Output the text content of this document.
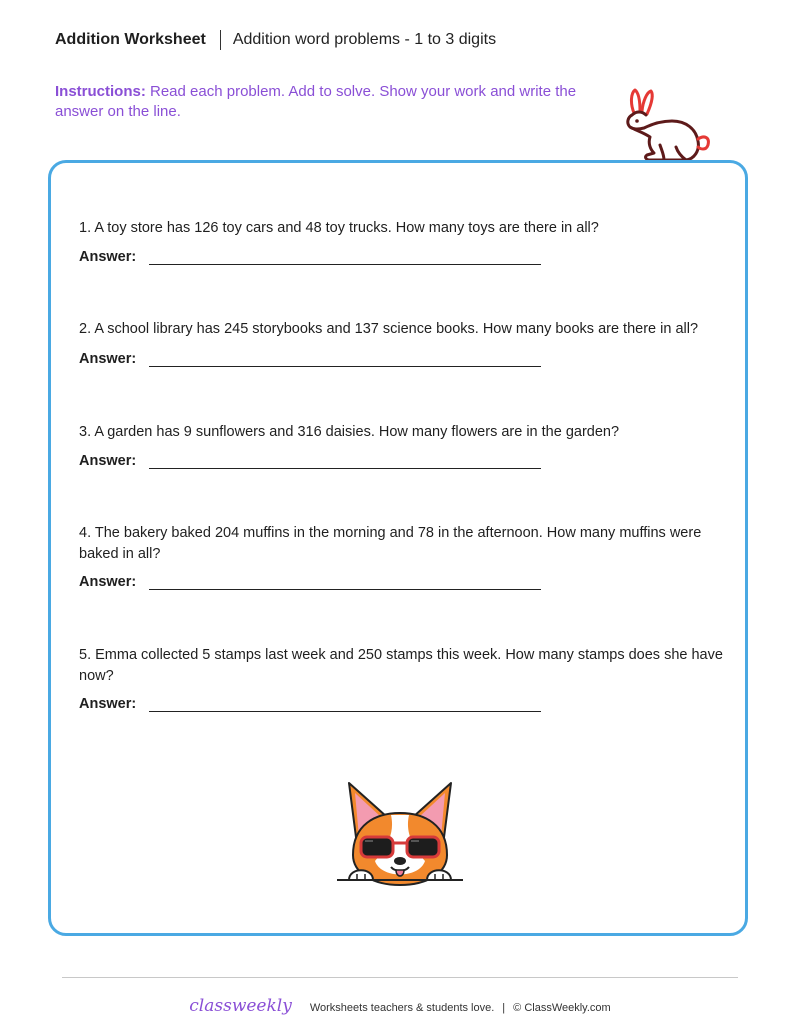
Addition Worksheet Addition word problems - 1 to 3 digits
Instructions: Read each problem. Add to solve. Show your work and write the answer on the line.
1. A toy store has 126 toy cars and 48 toy trucks. How many toys are there in all?
Answer:
2. A school library has 245 storybooks and 137 science books. How many books are there in all?
Answer:
3. A garden has 9 sunflowers and 316 daisies. How many flowers are in the garden?
Answer:
4. The bakery baked 204 muffins in the morning and 78 in the afternoon. How many muffins were baked in all?
Answer:
5. Emma collected 5 stamps last week and 250 stamps this week. How many stamps does she have now?
Answer:
classweekly Worksheets teachers & students love. | © ClassWeekly.com
